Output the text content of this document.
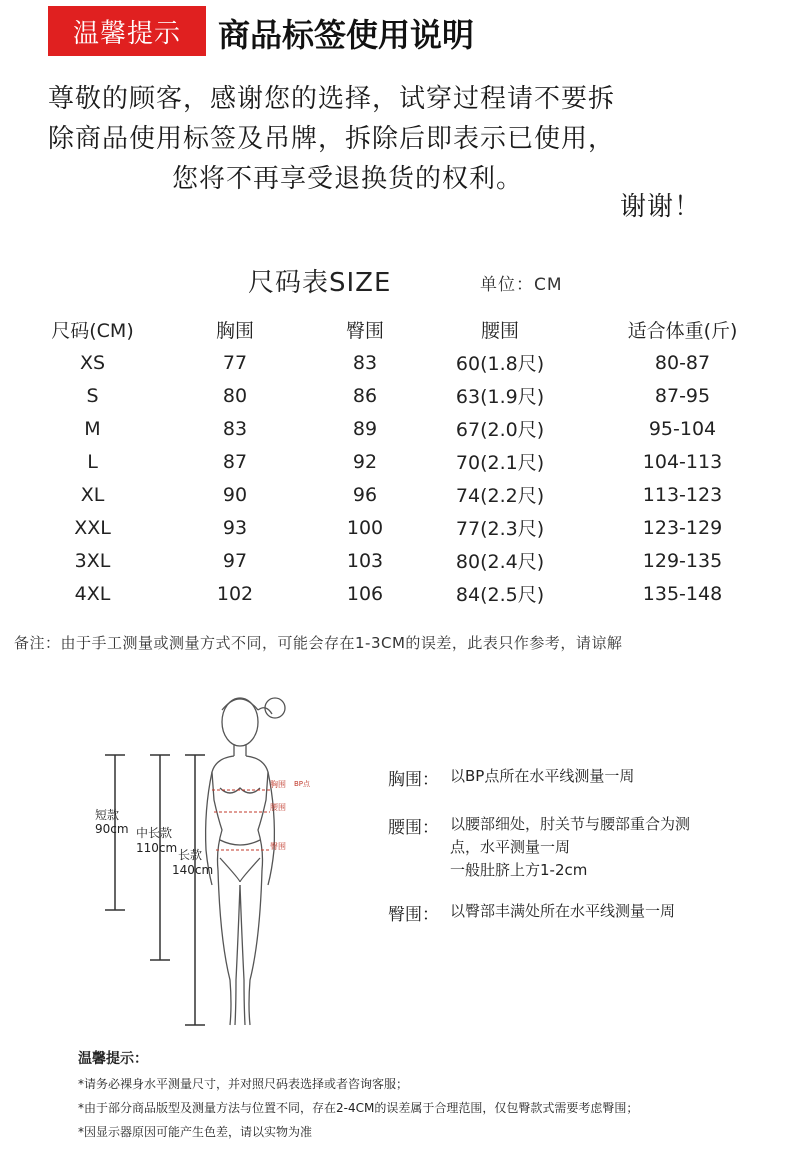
温馨提示	商品标签使用说明
尊敬的顾客，感谢您的选择，试穿过程请不要拆
除商品使用标签及吊牌，拆除后即表示已使用，
您将不再享受退换货的权利。
谢谢！
尺码表SIZE	单位：CM
尺码(CM)	胸围	臀围	腰围	适合体重(斤)
XS	77	83	60(1.8尺)	80-87
S	80	86	63(1.9尺)	87-95
M	83	89	67(2.0尺)	95-104
L	87	92	70(2.1尺)	104-113
XL	90	96	74(2.2尺)	113-123
XXL	93	100	77(2.3尺)	123-129
3XL	97	103	80(2.4尺)	129-135
4XL	102	106	84(2.5尺)	135-148
备注：由于手工测量或测量方式不同，可能会存在1-3CM的误差，此表只作参考，请谅解
短款
90cm 中长款
110cm 长款
140cm
胸围 BP点
腰围
臀围
胸围： 以BP点所在水平线测量一周
腰围： 以腰部细处，肘关节与腰部重合为测
点，水平测量一周
一般肚脐上方1-2cm
臀围： 以臀部丰满处所在水平线测量一周
温馨提示：
*请务必裸身水平测量尺寸，并对照尺码表选择或者咨询客服；
*由于部分商品版型及测量方法与位置不同，存在2-4CM的误差属于合理范围，仅包臀款式需要考虑臀围；
*因显示器原因可能产生色差，请以实物为准
